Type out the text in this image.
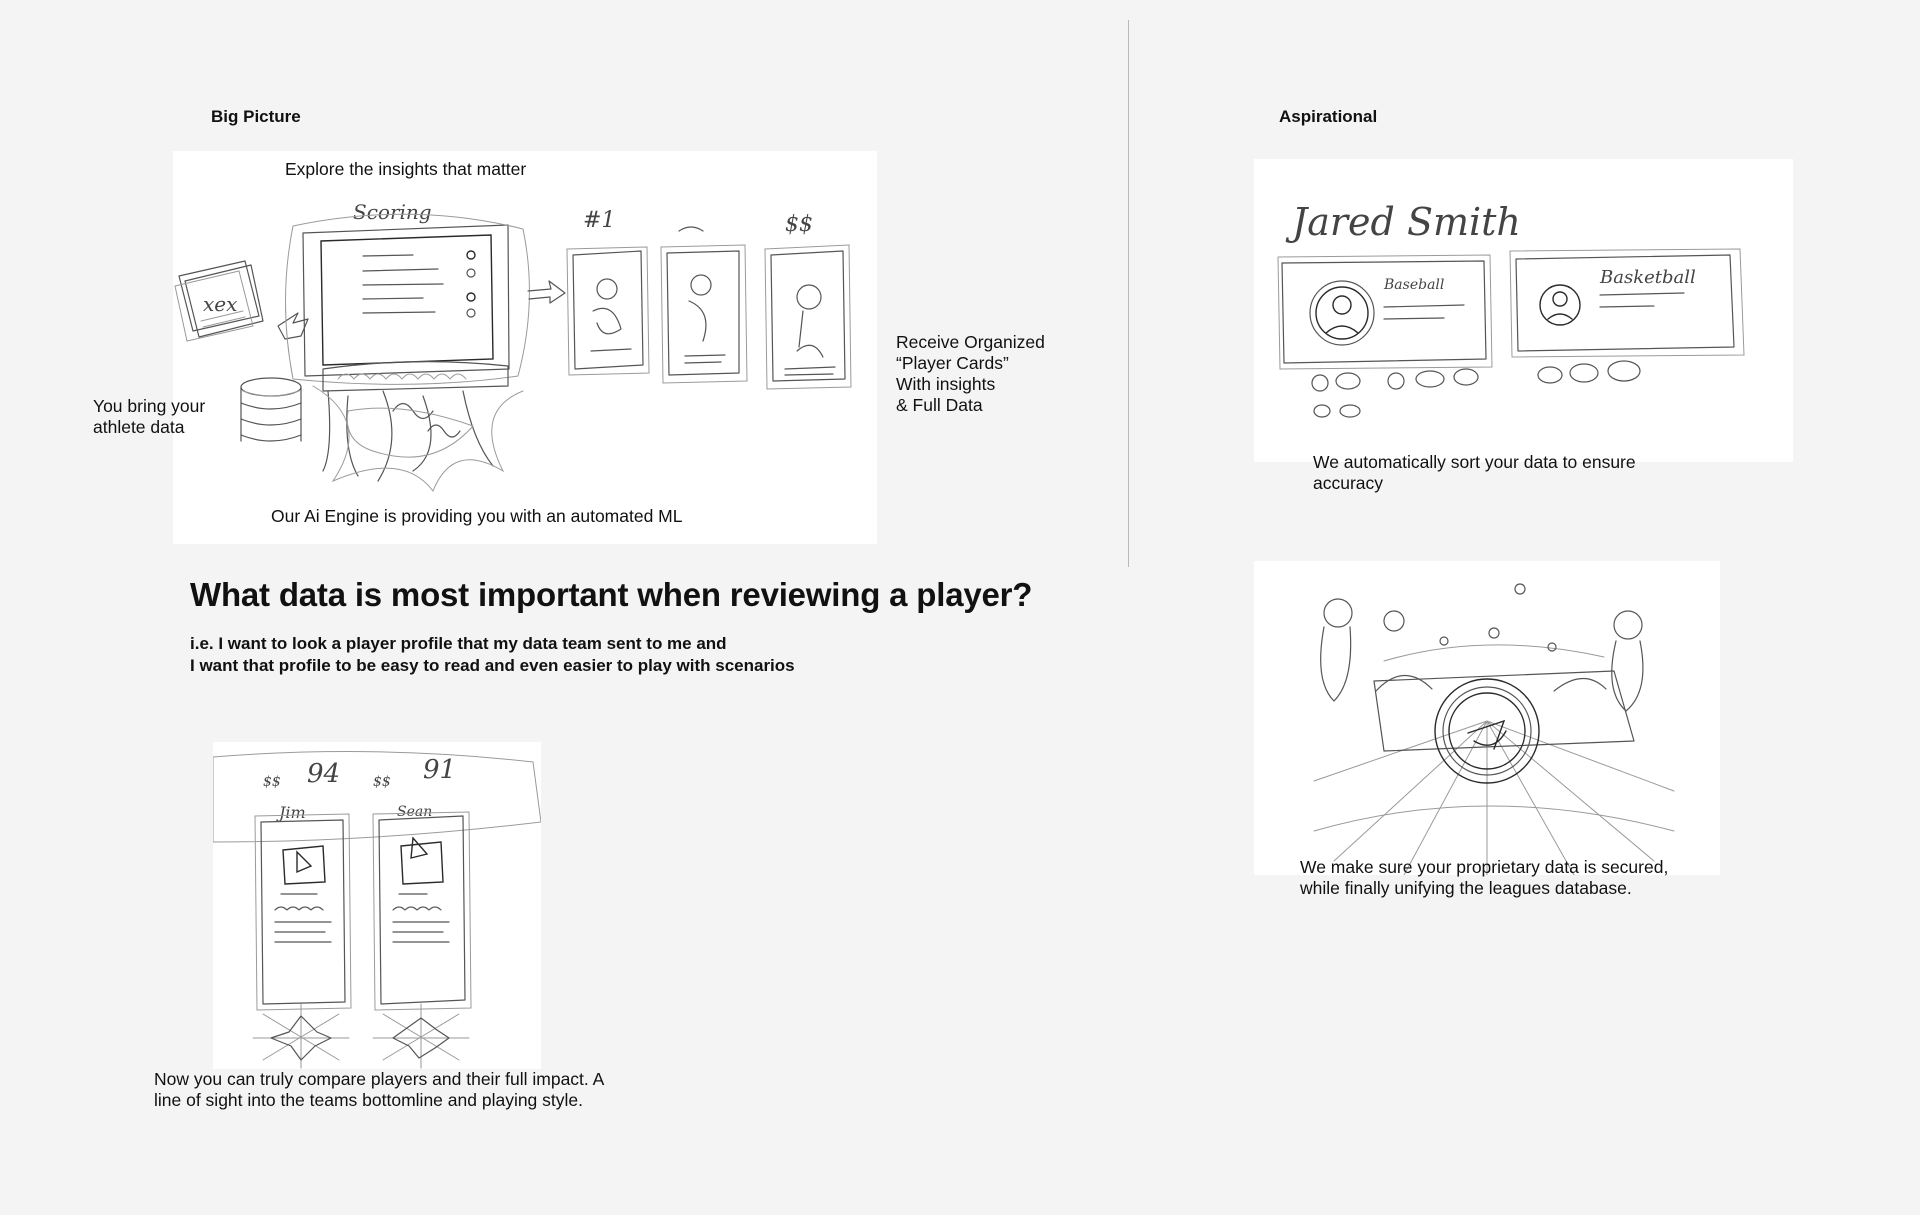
Big Picture
xex
Scoring	#1	$$
Explore the insights that matter
You bring your
athlete data
Receive Organized
“Player Cards”
With insights
& Full Data
Our Ai Engine is providing you with an automated ML
What data is most important when reviewing a player?
i.e. I want to look a player profile that my data team sent to me and
I want that profile to be easy to read and even easier to play with scenarios
$$ 94 $$ 91
Jim	Sean
Now you can truly compare players and their full impact. A
line of sight into the teams bottomline and playing style.
Aspirational
Jared Smith
Baseball	Basketball
We automatically sort your data to ensure
accuracy
We make sure your proprietary data is secured,
while finally unifying the leagues database.
